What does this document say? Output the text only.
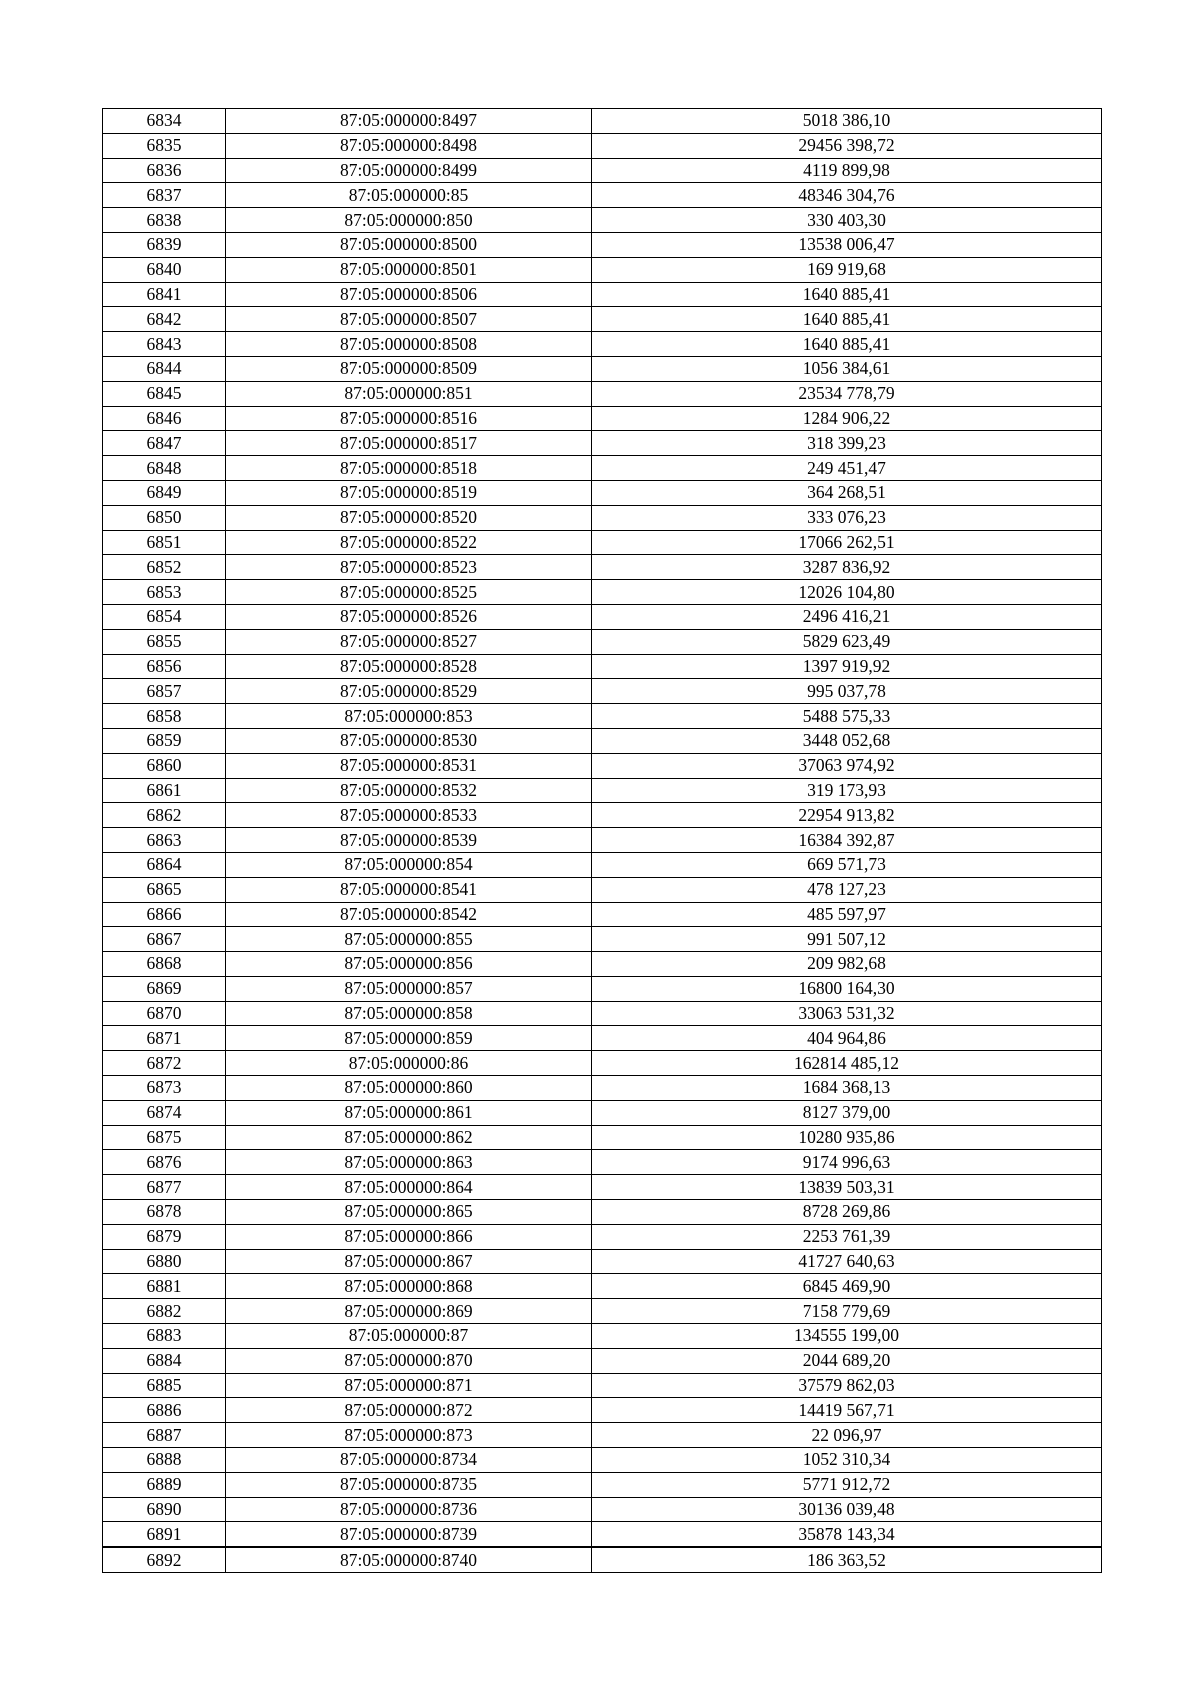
6834	87:05:000000:8497	5018 386,10
6835	87:05:000000:8498	29456 398,72
6836	87:05:000000:8499	4119 899,98
6837	87:05:000000:85	48346 304,76
6838	87:05:000000:850	330 403,30
6839	87:05:000000:8500	13538 006,47
6840	87:05:000000:8501	169 919,68
6841	87:05:000000:8506	1640 885,41
6842	87:05:000000:8507	1640 885,41
6843	87:05:000000:8508	1640 885,41
6844	87:05:000000:8509	1056 384,61
6845	87:05:000000:851	23534 778,79
6846	87:05:000000:8516	1284 906,22
6847	87:05:000000:8517	318 399,23
6848	87:05:000000:8518	249 451,47
6849	87:05:000000:8519	364 268,51
6850	87:05:000000:8520	333 076,23
6851	87:05:000000:8522	17066 262,51
6852	87:05:000000:8523	3287 836,92
6853	87:05:000000:8525	12026 104,80
6854	87:05:000000:8526	2496 416,21
6855	87:05:000000:8527	5829 623,49
6856	87:05:000000:8528	1397 919,92
6857	87:05:000000:8529	995 037,78
6858	87:05:000000:853	5488 575,33
6859	87:05:000000:8530	3448 052,68
6860	87:05:000000:8531	37063 974,92
6861	87:05:000000:8532	319 173,93
6862	87:05:000000:8533	22954 913,82
6863	87:05:000000:8539	16384 392,87
6864	87:05:000000:854	669 571,73
6865	87:05:000000:8541	478 127,23
6866	87:05:000000:8542	485 597,97
6867	87:05:000000:855	991 507,12
6868	87:05:000000:856	209 982,68
6869	87:05:000000:857	16800 164,30
6870	87:05:000000:858	33063 531,32
6871	87:05:000000:859	404 964,86
6872	87:05:000000:86	162814 485,12
6873	87:05:000000:860	1684 368,13
6874	87:05:000000:861	8127 379,00
6875	87:05:000000:862	10280 935,86
6876	87:05:000000:863	9174 996,63
6877	87:05:000000:864	13839 503,31
6878	87:05:000000:865	8728 269,86
6879	87:05:000000:866	2253 761,39
6880	87:05:000000:867	41727 640,63
6881	87:05:000000:868	6845 469,90
6882	87:05:000000:869	7158 779,69
6883	87:05:000000:87	134555 199,00
6884	87:05:000000:870	2044 689,20
6885	87:05:000000:871	37579 862,03
6886	87:05:000000:872	14419 567,71
6887	87:05:000000:873	22 096,97
6888	87:05:000000:8734	1052 310,34
6889	87:05:000000:8735	5771 912,72
6890	87:05:000000:8736	30136 039,48
6891	87:05:000000:8739	35878 143,34
6892	87:05:000000:8740	186 363,52
